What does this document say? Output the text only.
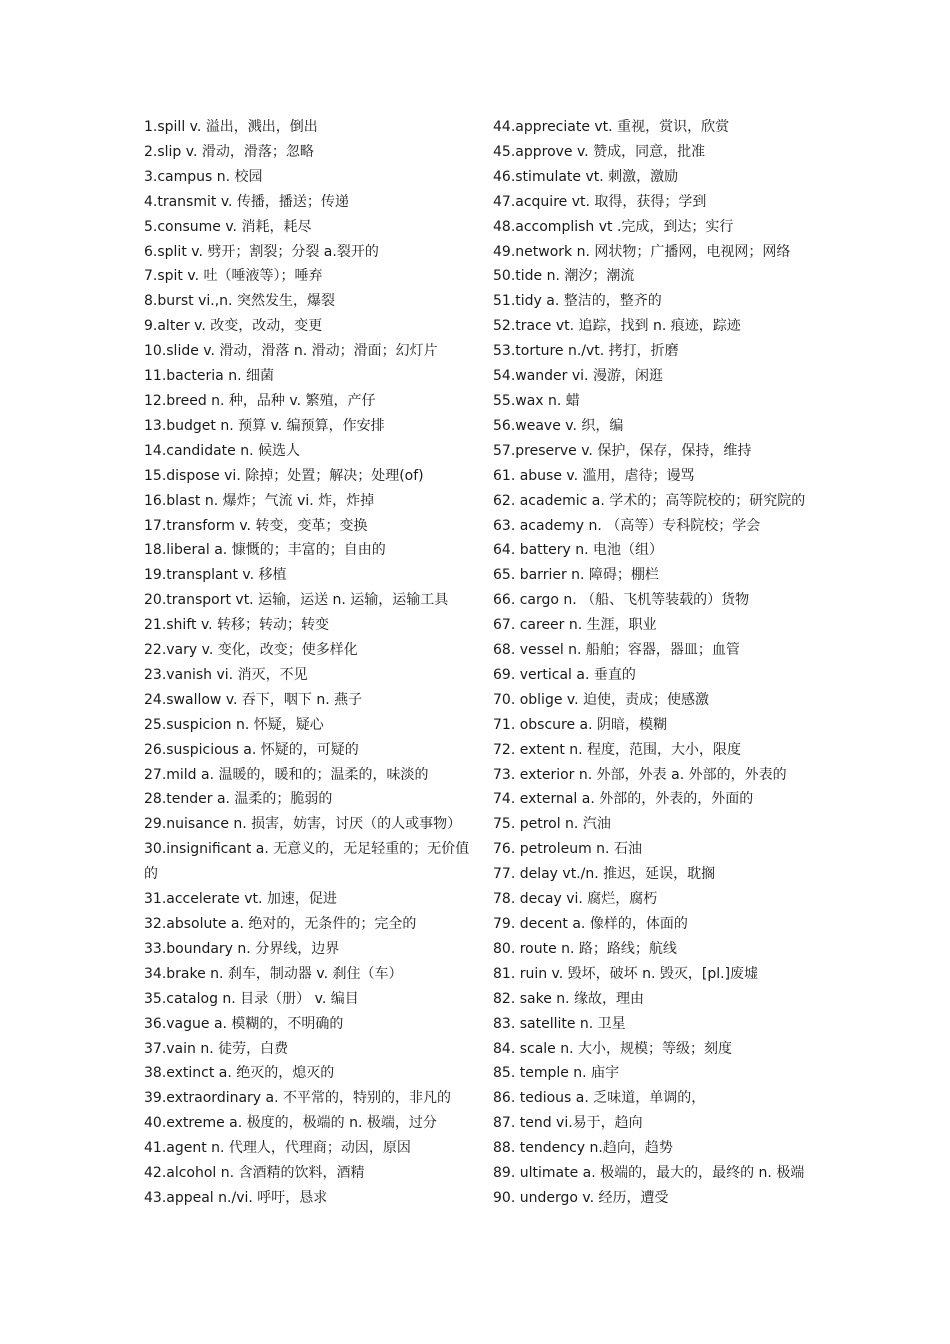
1.spill v. 溢出，溅出，倒出

2.slip v. 滑动，滑落；忽略

3.campus n. 校园

4.transmit v. 传播，播送；传递

5.consume v. 消耗，耗尽

6.split v. 劈开；割裂；分裂 a.裂开的

7.spit v. 吐（唾液等）；唾弃

8.burst vi.,n. 突然发生，爆裂

9.alter v. 改变，改动，变更

10.slide v. 滑动，滑落 n. 滑动；滑面；幻灯片

11.bacteria n. 细菌

12.breed n. 种，品种 v. 繁殖，产仔

13.budget n. 预算 v. 编预算，作安排

14.candidate n. 候选人

15.dispose vi. 除掉；处置；解决；处理(of)

16.blast n. 爆炸；气流 vi. 炸，炸掉

17.transform v. 转变，变革；变换

18.liberal a. 慷慨的；丰富的；自由的

19.transplant v. 移植

20.transport vt. 运输，运送 n. 运输，运输工具

21.shift v. 转移；转动；转变

22.vary v. 变化，改变；使多样化

23.vanish vi. 消灭，不见

24.swallow v. 吞下，咽下 n. 燕子

25.suspicion n. 怀疑，疑心

26.suspicious a. 怀疑的，可疑的

27.mild a. 温暖的，暖和的；温柔的，味淡的

28.tender a. 温柔的；脆弱的

29.nuisance n. 损害，妨害，讨厌（的人或事物）

30.insignificant a. 无意义的，无足轻重的；无价值的

31.accelerate vt. 加速，促进

32.absolute a. 绝对的，无条件的；完全的

33.boundary n. 分界线，边界

34.brake n. 刹车，制动器 v. 刹住（车）

35.catalog n. 目录（册） v. 编目

36.vague a. 模糊的，不明确的

37.vain n. 徒劳，白费

38.extinct a. 绝灭的，熄灭的

39.extraordinary a. 不平常的，特别的，非凡的

40.extreme a. 极度的，极端的 n. 极端，过分

41.agent n. 代理人，代理商；动因，原因

42.alcohol n. 含酒精的饮料，酒精

43.appeal n./vi. 呼吁，恳求

44.appreciate vt. 重视，赏识，欣赏

45.approve v. 赞成，同意，批准

46.stimulate vt. 刺激，激励

47.acquire vt. 取得，获得；学到

48.accomplish vt .完成，到达；实行

49.network n. 网状物；广播网，电视网；网络

50.tide n. 潮汐；潮流

51.tidy a. 整洁的，整齐的

52.trace vt. 追踪，找到 n. 痕迹，踪迹

53.torture n./vt. 拷打，折磨

54.wander vi. 漫游，闲逛

55.wax n. 蜡

56.weave v. 织，编

57.preserve v. 保护，保存，保持，维持

61. abuse v. 滥用，虐待；谩骂

62. academic a. 学术的；高等院校的；研究院的

63. academy n. （高等）专科院校；学会

64. battery n. 电池（组）

65. barrier n. 障碍；棚栏

66. cargo n. （船、飞机等装载的）货物

67. career n. 生涯，职业

68. vessel n. 船舶；容器，器皿；血管

69. vertical a. 垂直的

70. oblige v. 迫使，责成；使感激

71. obscure a. 阴暗，模糊

72. extent n. 程度，范围，大小，限度

73. exterior n. 外部，外表 a. 外部的，外表的

74. external a. 外部的，外表的，外面的

75. petrol n. 汽油

76. petroleum n. 石油

77. delay vt./n. 推迟，延误，耽搁

78. decay vi. 腐烂，腐朽

79. decent a. 像样的，体面的

80. route n. 路；路线；航线

81. ruin v. 毁坏，破坏 n. 毁灭，[pl.]废墟

82. sake n. 缘故，理由

83. satellite n. 卫星

84. scale n. 大小，规模；等级；刻度

85. temple n. 庙宇

86. tedious a. 乏味道，单调的，

87. tend vi.易于，趋向

88. tendency n.趋向，趋势

89. ultimate a. 极端的，最大的，最终的 n. 极端

90. undergo v. 经历，遭受
